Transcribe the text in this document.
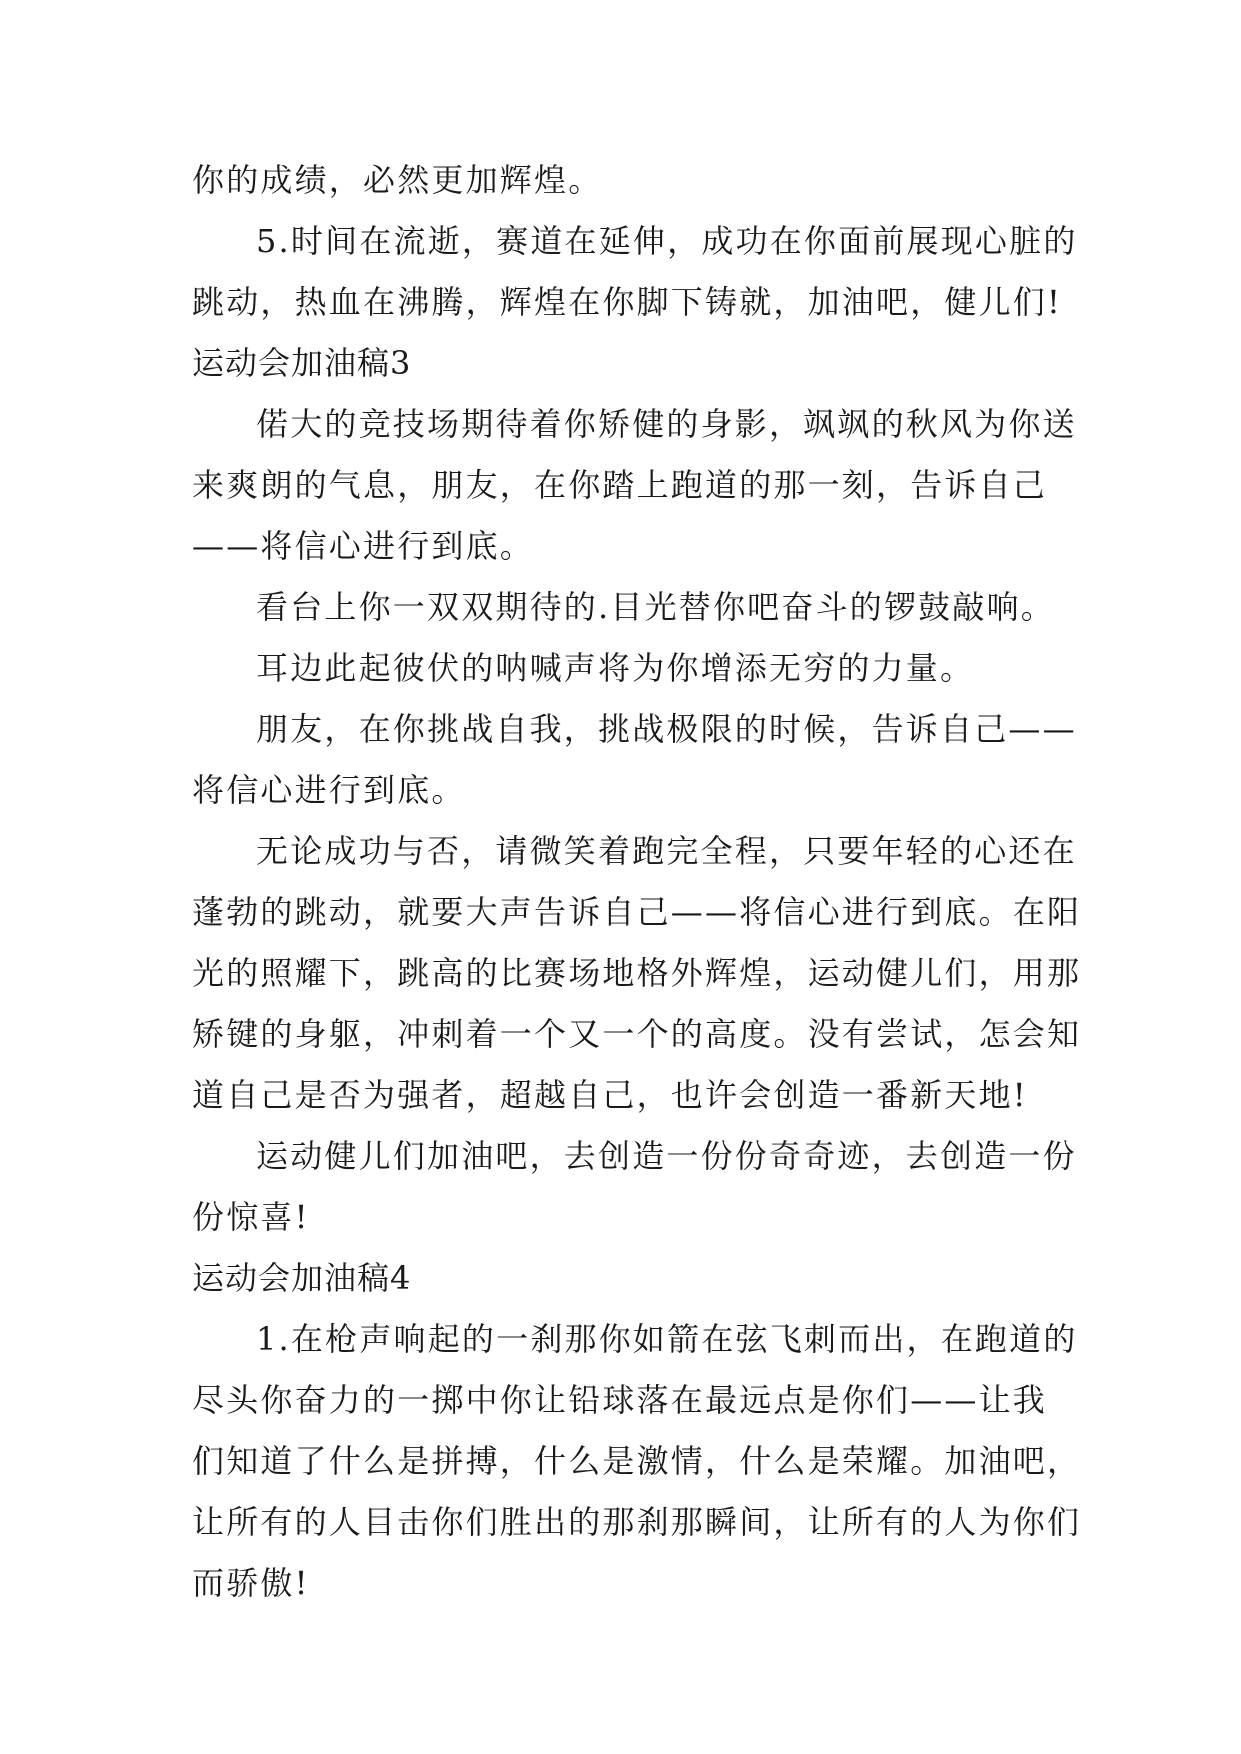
你的成绩，必然更加辉煌。
5.时间在流逝，赛道在延伸，成功在你面前展现心脏的
跳动，热血在沸腾，辉煌在你脚下铸就，加油吧，健儿们!
运动会加油稿3
偌大的竞技场期待着你矫健的身影，飒飒的秋风为你送
来爽朗的气息，朋友，在你踏上跑道的那一刻，告诉自己
——将信心进行到底。
看台上你一双双期待的.目光替你吧奋斗的锣鼓敲响。
耳边此起彼伏的呐喊声将为你增添无穷的力量。
朋友，在你挑战自我，挑战极限的时候，告诉自己——
将信心进行到底。
无论成功与否，请微笑着跑完全程，只要年轻的心还在
蓬勃的跳动，就要大声告诉自己——将信心进行到底。在阳
光的照耀下，跳高的比赛场地格外辉煌，运动健儿们，用那
矫键的身躯，冲刺着一个又一个的高度。没有尝试，怎会知
道自己是否为强者，超越自己，也许会创造一番新天地!
运动健儿们加油吧，去创造一份份奇奇迹，去创造一份
份惊喜!
运动会加油稿4
1.在枪声响起的一刹那你如箭在弦飞刺而出，在跑道的
尽头你奋力的一掷中你让铅球落在最远点是你们——让我
们知道了什么是拼搏，什么是激情，什么是荣耀。加油吧，
让所有的人目击你们胜出的那刹那瞬间，让所有的人为你们
而骄傲!
